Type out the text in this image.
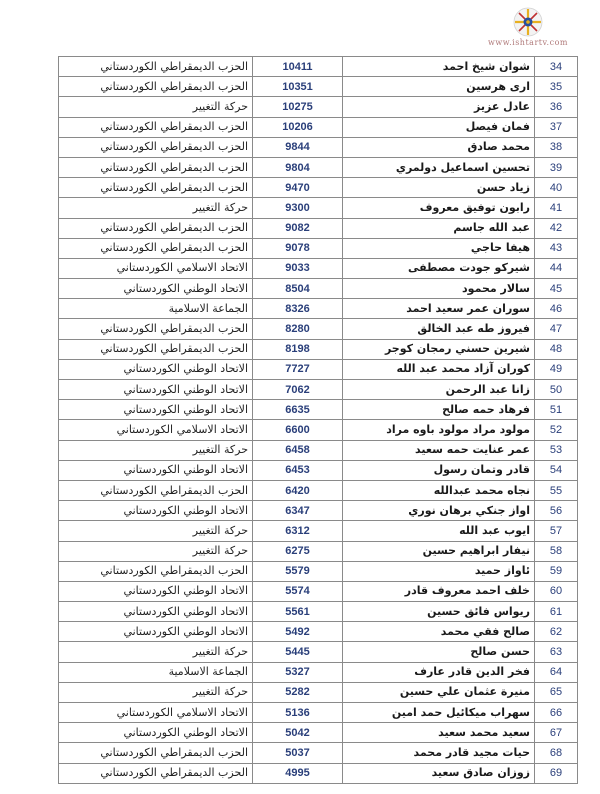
www.ishtartv.com
الحزب الديمقراطي الكوردستاني	10411	شوان شيخ احمد	34
الحزب الديمقراطي الكوردستاني	10351	ارى هرسين	35
حركة التغيير	10275	عادل عزيز	36
الحزب الديمقراطي الكوردستاني	10206	فمان فيصل	37
الحزب الديمقراطي الكوردستاني	9844	محمد صادق	38
الحزب الديمقراطي الكوردستاني	9804	تحسين اسماعيل دولمري	39
الحزب الديمقراطي الكوردستاني	9470	زياد حسن	40
حركة التغيير	9300	رابون توفيق معروف	41
الحزب الديمقراطي الكوردستاني	9082	عبد الله جاسم	42
الحزب الديمقراطي الكوردستاني	9078	هيفا حاجي	43
الاتحاد الاسلامي الكوردستاني	9033	شيركو جودت مصطفى	44
الاتحاد الوطني الكوردستاني	8504	سالار محمود	45
الجماعة الاسلامية	8326	سوران عمر سعيد احمد	46
الحزب الديمقراطي الكوردستاني	8280	فيروز طه عبد الخالق	47
الحزب الديمقراطي الكوردستاني	8198	شيرين حسني رمجان كوجر	48
الاتحاد الوطني الكوردستاني	7727	كوران آزاد محمد عبد الله	49
الاتحاد الوطني الكوردستاني	7062	زانا عبد الرحمن	50
الاتحاد الوطني الكوردستاني	6635	فرهاد حمه صالح	51
الاتحاد الاسلامي الكوردستاني	6600	مولود مراد مولود باوه مراد	52
حركة التغيير	6458	عمر عنايت حمه سعيد	53
الاتحاد الوطني الكوردستاني	6453	قادر وتمان رسول	54
الحزب الديمقراطي الكوردستاني	6420	نجاه محمد عبدالله	55
الاتحاد الوطني الكوردستاني	6347	اواز جنكي برهان نوري	56
حركة التغيير	6312	ايوب عبد الله	57
حركة التغيير	6275	نيفار ابراهيم حسين	58
الحزب الديمقراطي الكوردستاني	5579	ئاواز حميد	59
الاتحاد الوطني الكوردستاني	5574	خلف احمد معروف قادر	60
الاتحاد الوطني الكوردستاني	5561	ريواس فائق حسين	61
الاتحاد الوطني الكوردستاني	5492	صالح فقي محمد	62
حركة التغيير	5445	حسن صالح	63
الجماعة الاسلامية	5327	فخر الدين قادر عارف	64
حركة التغيير	5282	منيرة عثمان علي حسين	65
الاتحاد الاسلامي الكوردستاني	5136	سهراب ميكائيل حمد امين	66
الاتحاد الوطني الكوردستاني	5042	سعيد محمد سعيد	67
الحزب الديمقراطي الكوردستاني	5037	حيات مجيد قادر محمد	68
الحزب الديمقراطي الكوردستاني	4995	زوزان صادق سعيد	69
